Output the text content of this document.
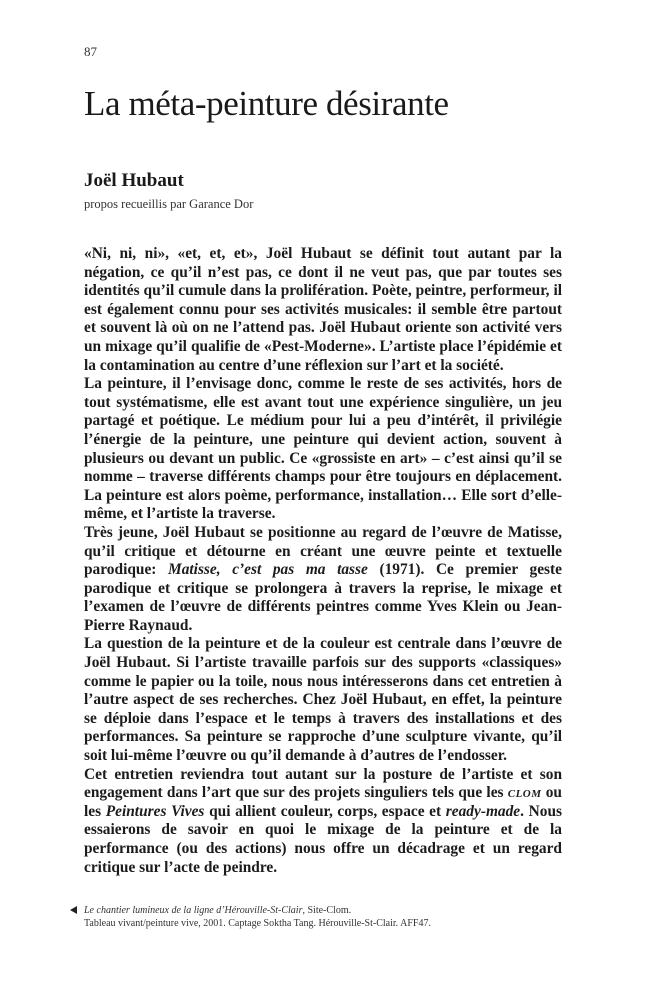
87
La méta-peinture désirante
Joël Hubaut
propos recueillis par Garance Dor

«Ni, ni, ni», «et, et, et», Joël Hubaut se définit tout autant par la négation, ce qu’il n’est pas, ce dont il ne veut pas, que par toutes ses identités qu’il cumule dans la prolifération. Poète, peintre, performeur, il est également connu pour ses activités musicales: il semble être partout et souvent là où on ne l’attend pas. Joël Hubaut oriente son activité vers un mixage qu’il qualifie de «Pest-Moderne». L’artiste place l’épidémie et la contamination au centre d’une réflexion sur l’art et la société.

La peinture, il l’envisage donc, comme le reste de ses activités, hors de tout systématisme, elle est avant tout une expérience singulière, un jeu partagé et poétique. Le médium pour lui a peu d’intérêt, il privilégie l’énergie de la peinture, une peinture qui devient action, souvent à plusieurs ou devant un public. Ce «grossiste en art» – c’est ainsi qu’il se nomme – traverse différents champs pour être toujours en déplacement. La peinture est alors poème, performance, installation… Elle sort d’elle-même, et l’artiste la traverse.

Très jeune, Joël Hubaut se positionne au regard de l’œuvre de Matisse, qu’il critique et détourne en créant une œuvre peinte et textuelle parodique: Matisse, c’est pas ma tasse (1971). Ce premier geste parodique et critique se prolongera à travers la reprise, le mixage et l’examen de l’œuvre de différents peintres comme Yves Klein ou Jean-Pierre Raynaud.

La question de la peinture et de la couleur est centrale dans l’œuvre de Joël Hubaut. Si l’artiste travaille parfois sur des supports «classiques» comme le papier ou la toile, nous nous intéresserons dans cet entretien à l’autre aspect de ses recherches. Chez Joël Hubaut, en effet, la peinture se déploie dans l’espace et le temps à travers des installations et des performances. Sa peinture se rapproche d’une sculpture vivante, qu’il soit lui-même l’œuvre ou qu’il demande à d’autres de l’endosser.

Cet entretien reviendra tout autant sur la posture de l’artiste et son engagement dans l’art que sur des projets singuliers tels que les clom ou les Peintures Vives qui allient couleur, corps, espace et ready-made. Nous essaierons de savoir en quoi le mixage de la peinture et de la performance (ou des actions) nous offre un décadrage et un regard critique sur l’acte de peindre.

Le chantier lumineux de la ligne d’Hérouville-St-Clair, Site-Clom.
Tableau vivant/peinture vive, 2001. Captage Soktha Tang. Hérouville-St-Clair. AFF47.
